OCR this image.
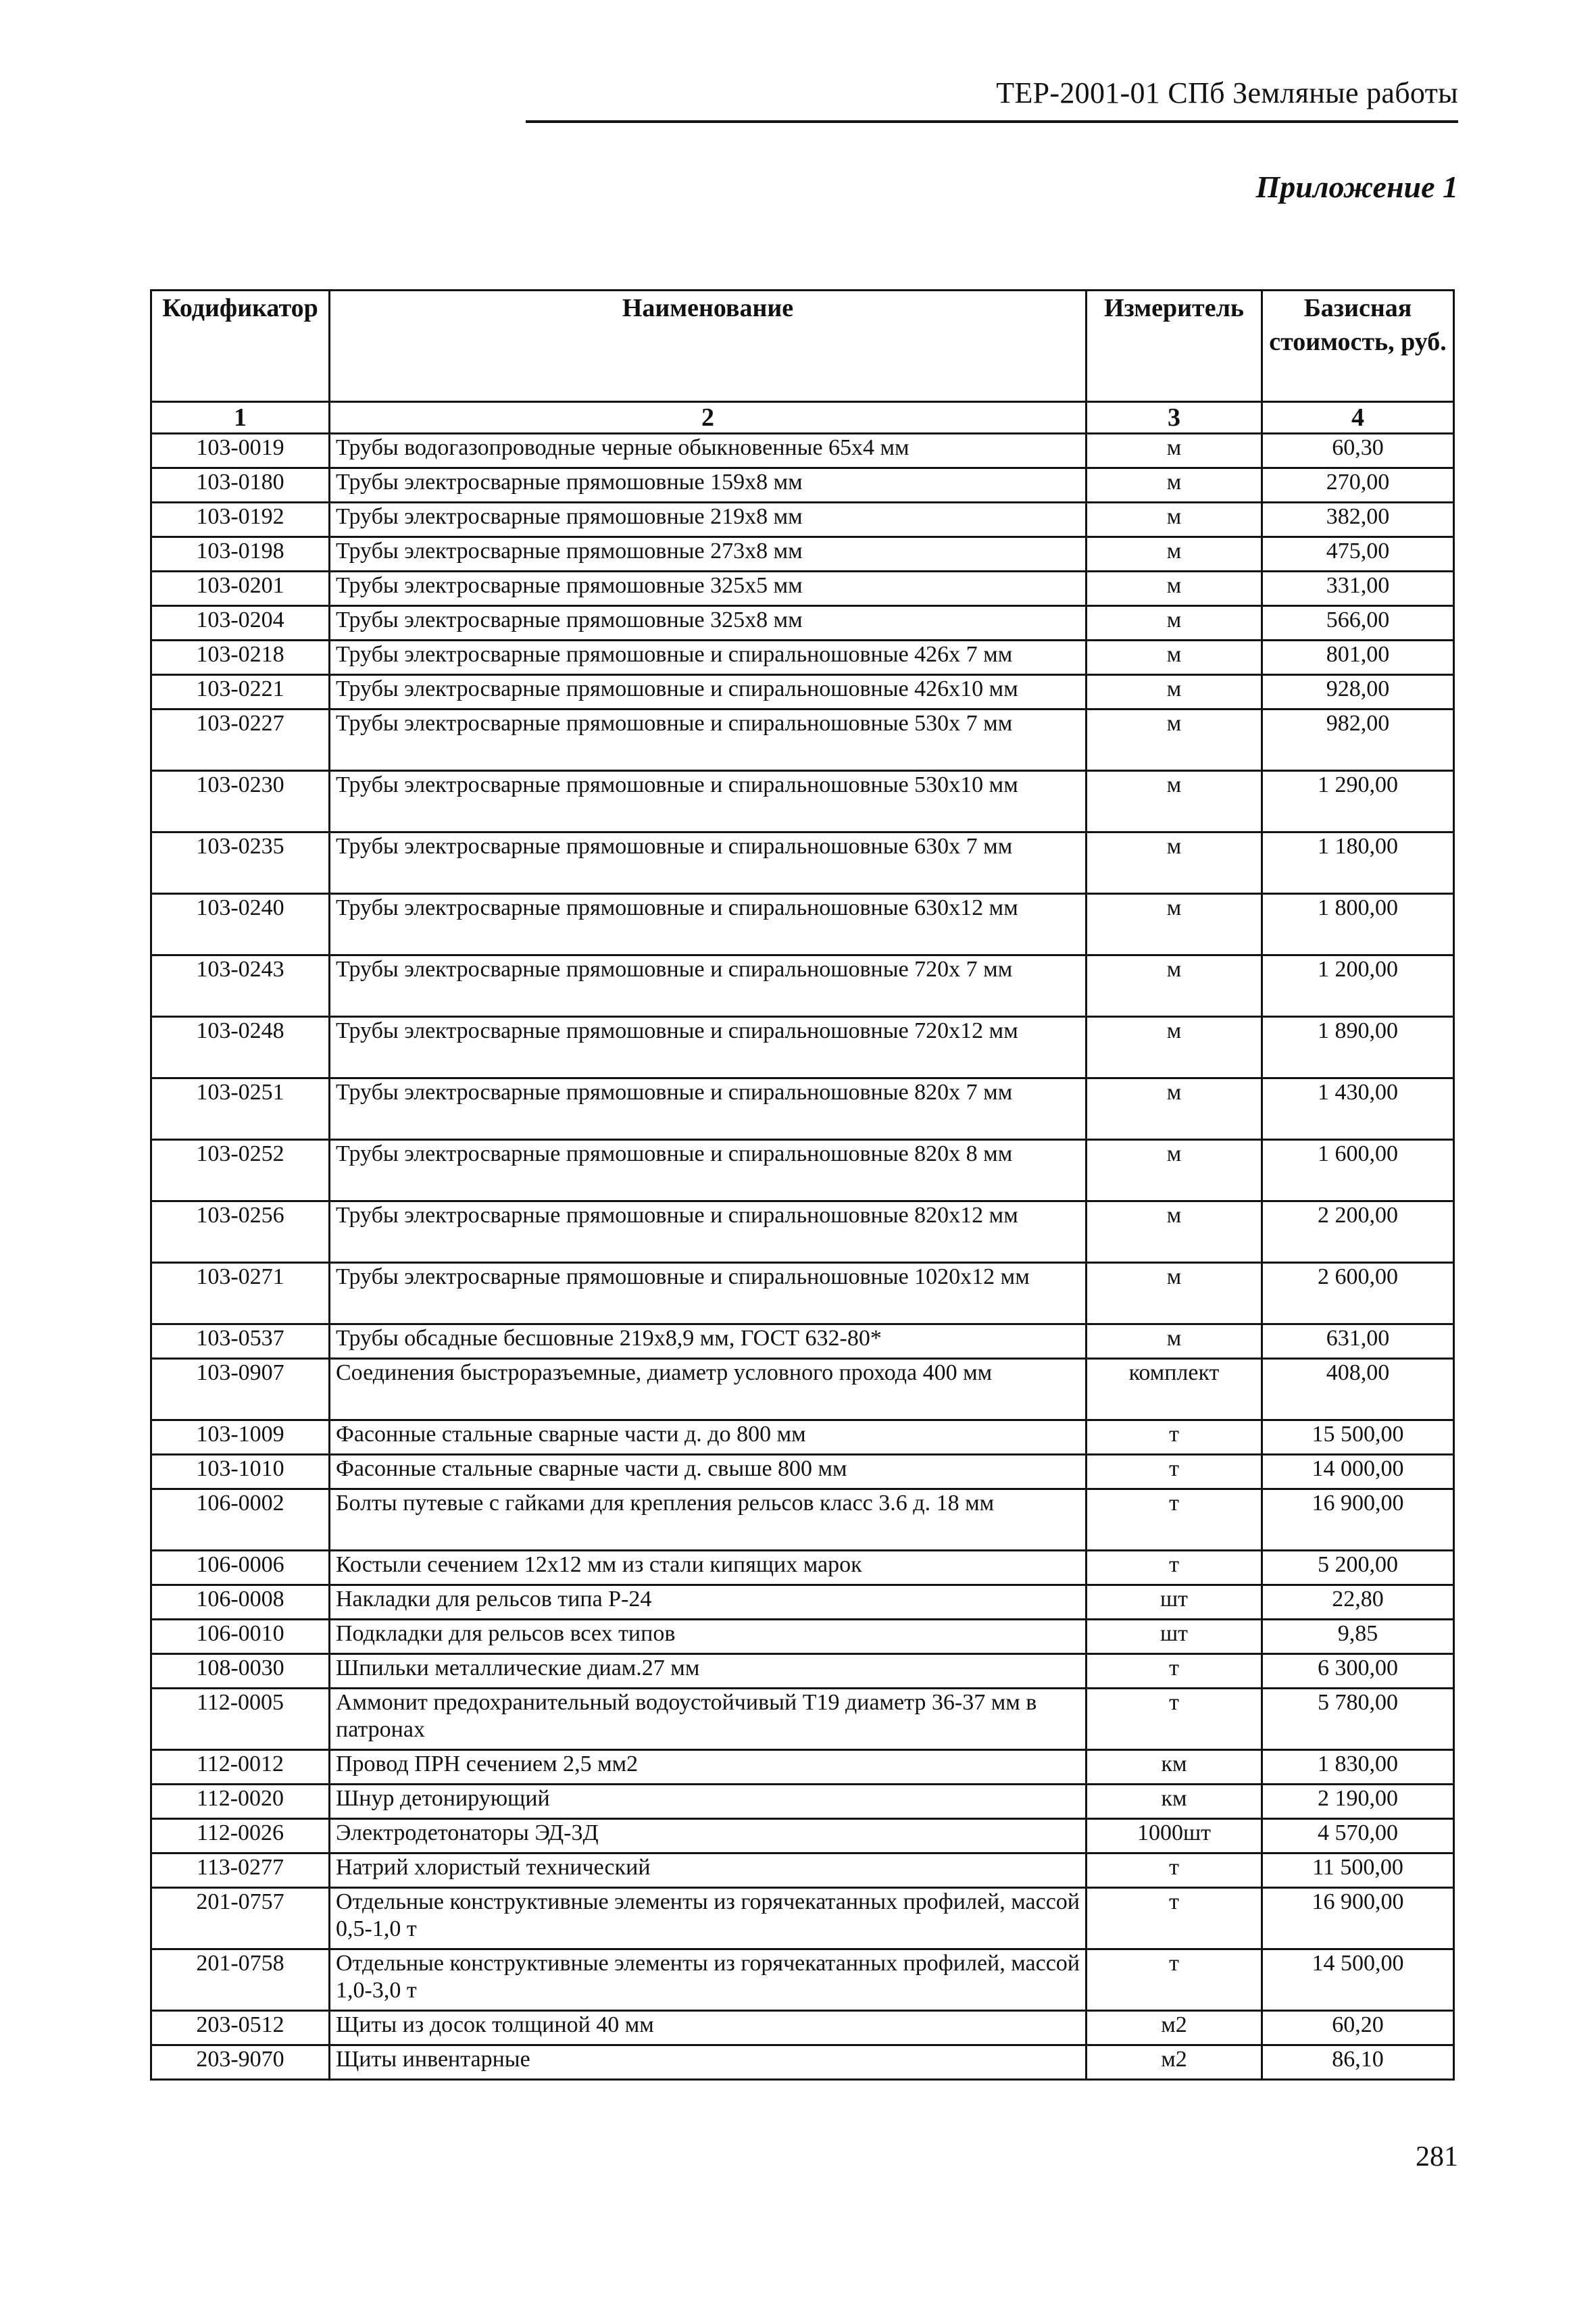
ТЕР-2001-01 СПб Земляные работы
Приложение 1
Кодификатор	Наименование	Измеритель	Базисная стоимость, руб.
1	2	3	4
103-0019	Трубы водогазопроводные черные обыкновенные 65х4 мм	м	60,30
103-0180	Трубы электросварные прямошовные 159х8 мм	м	270,00
103-0192	Трубы электросварные прямошовные 219х8 мм	м	382,00
103-0198	Трубы электросварные прямошовные 273х8 мм	м	475,00
103-0201	Трубы электросварные прямошовные 325х5 мм	м	331,00
103-0204	Трубы электросварные прямошовные 325х8 мм	м	566,00
103-0218	Трубы электросварные прямошовные и спиральношовные 426х 7 мм	м	801,00
103-0221	Трубы электросварные прямошовные и спиральношовные 426х10 мм	м	928,00
103-0227	Трубы электросварные прямошовные и спиральношовные 530х 7 мм	м	982,00
103-0230	Трубы электросварные прямошовные и спиральношовные 530х10 мм	м	1 290,00
103-0235	Трубы электросварные прямошовные и спиральношовные 630х 7 мм	м	1 180,00
103-0240	Трубы электросварные прямошовные и спиральношовные 630х12 мм	м	1 800,00
103-0243	Трубы электросварные прямошовные и спиральношовные 720х 7 мм	м	1 200,00
103-0248	Трубы электросварные прямошовные и спиральношовные 720х12 мм	м	1 890,00
103-0251	Трубы электросварные прямошовные и спиральношовные 820х 7 мм	м	1 430,00
103-0252	Трубы электросварные прямошовные и спиральношовные 820х 8 мм	м	1 600,00
103-0256	Трубы электросварные прямошовные и спиральношовные 820х12 мм	м	2 200,00
103-0271	Трубы электросварные прямошовные и спиральношовные 1020х12 мм	м	2 600,00
103-0537	Трубы обсадные бесшовные 219х8,9 мм, ГОСТ 632-80*	м	631,00
103-0907	Соединения быстроразъемные, диаметр условного прохода 400 мм	комплект	408,00
103-1009	Фасонные стальные сварные части д. до 800 мм	т	15 500,00
103-1010	Фасонные стальные сварные части д. свыше 800 мм	т	14 000,00
106-0002	Болты путевые с гайками для крепления рельсов класс 3.6 д. 18 мм	т	16 900,00
106-0006	Костыли сечением 12х12 мм из стали кипящих марок	т	5 200,00
106-0008	Накладки для рельсов типа Р-24	шт	22,80
106-0010	Подкладки для рельсов всех типов	шт	9,85
108-0030	Шпильки металлические диам.27 мм	т	6 300,00
112-0005	Аммонит предохранительный водоустойчивый Т19 диаметр 36-37 мм в патронах	т	5 780,00
112-0012	Провод ПРН сечением 2,5 мм2	км	1 830,00
112-0020	Шнур детонирующий	км	2 190,00
112-0026	Электродетонаторы ЭД-3Д	1000шт	4 570,00
113-0277	Натрий хлористый технический	т	11 500,00
201-0757	Отдельные конструктивные элементы из горячекатанных профилей, массой 0,5-1,0 т	т	16 900,00
201-0758	Отдельные конструктивные элементы из горячекатанных профилей, массой 1,0-3,0 т	т	14 500,00
203-0512	Щиты из досок толщиной 40 мм	м2	60,20
203-9070	Щиты инвентарные	м2	86,10
281
